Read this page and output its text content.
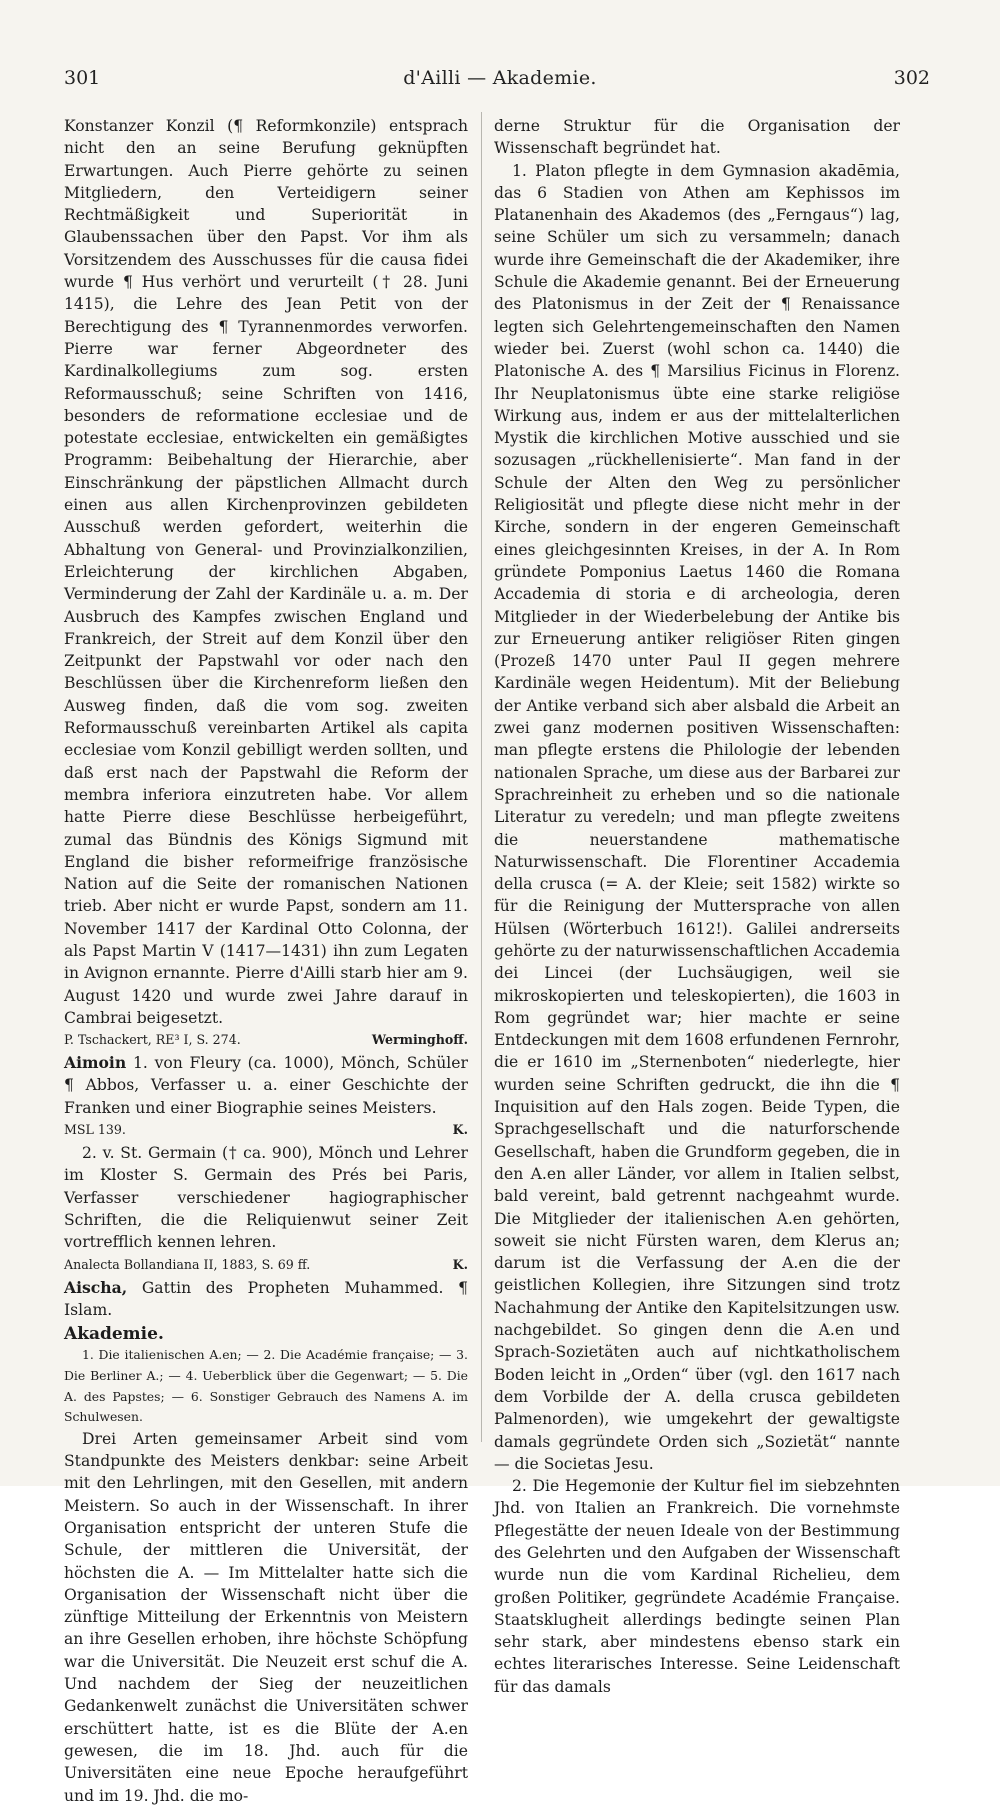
301	d'Ailli — Akademie.	302

Konstanzer Konzil (¶ Reformkonzile) entsprach nicht den an seine Berufung geknüpften Erwartungen. Auch Pierre gehörte zu seinen Mitgliedern, den Verteidigern seiner Rechtmäßigkeit und Superiorität in Glaubenssachen über den Papst. Vor ihm als Vorsitzendem des Ausschusses für die causa fidei wurde ¶ Hus verhört und verurteilt († 28. Juni 1415), die Lehre des Jean Petit von der Berechtigung des ¶ Tyrannenmordes verworfen. Pierre war ferner Abgeordneter des Kardinalkollegiums zum sog. ersten Reformausschuß; seine Schriften von 1416, besonders de reformatione ecclesiae und de potestate ecclesiae, entwickelten ein gemäßigtes Programm: Beibehaltung der Hierarchie, aber Einschränkung der päpstlichen Allmacht durch einen aus allen Kirchenprovinzen gebildeten Ausschuß werden gefordert, weiterhin die Abhaltung von General- und Provinzialkonzilien, Erleichterung der kirchlichen Abgaben, Verminderung der Zahl der Kardinäle u. a. m. Der Ausbruch des Kampfes zwischen England und Frankreich, der Streit auf dem Konzil über den Zeitpunkt der Papstwahl vor oder nach den Beschlüssen über die Kirchenreform ließen den Ausweg finden, daß die vom sog. zweiten Reformausschuß vereinbarten Artikel als capita ecclesiae vom Konzil gebilligt werden sollten, und daß erst nach der Papstwahl die Reform der membra inferiora einzutreten habe. Vor allem hatte Pierre diese Beschlüsse herbeigeführt, zumal das Bündnis des Königs Sigmund mit England die bisher reformeifrige französische Nation auf die Seite der romanischen Nationen trieb. Aber nicht er wurde Papst, sondern am 11. November 1417 der Kardinal Otto Colonna, der als Papst Martin V (1417—1431) ihn zum Legaten in Avignon ernannte. Pierre d'Ailli starb hier am 9. August 1420 und wurde zwei Jahre darauf in Cambrai beigesetzt.

P. Tschackert, RE³ I, S. 274.	Werminghoff.

Aimoin 1. von Fleury (ca. 1000), Mönch, Schüler ¶ Abbos, Verfasser u. a. einer Geschichte der Franken und einer Biographie seines Meisters.

MSL 139.	K.

2. v. St. Germain († ca. 900), Mönch und Lehrer im Kloster S. Germain des Prés bei Paris, Verfasser verschiedener hagiographischer Schriften, die die Reliquienwut seiner Zeit vortrefflich kennen lehren.

Analecta Bollandiana II, 1883, S. 69 ff.	K.

Aischa, Gattin des Propheten Muhammed. ¶ Islam.

Akademie.

1. Die italienischen A.en; — 2. Die Académie française; — 3. Die Berliner A.; — 4. Ueberblick über die Gegenwart; — 5. Die A. des Papstes; — 6. Sonstiger Gebrauch des Namens A. im Schulwesen.

Drei Arten gemeinsamer Arbeit sind vom Standpunkte des Meisters denkbar: seine Arbeit mit den Lehrlingen, mit den Gesellen, mit andern Meistern. So auch in der Wissenschaft. In ihrer Organisation entspricht der unteren Stufe die Schule, der mittleren die Universität, der höchsten die A. — Im Mittelalter hatte sich die Organisation der Wissenschaft nicht über die zünftige Mitteilung der Erkenntnis von Meistern an ihre Gesellen erhoben, ihre höchste Schöpfung war die Universität. Die Neuzeit erst schuf die A. Und nachdem der Sieg der neuzeitlichen Gedankenwelt zunächst die Universitäten schwer erschüttert hatte, ist es die Blüte der A.en gewesen, die im 18. Jhd. auch für die Universitäten eine neue Epoche heraufgeführt und im 19. Jhd. die mo-

derne Struktur für die Organisation der Wissenschaft begründet hat.

1. Platon pflegte in dem Gymnasion akadēmia, das 6 Stadien von Athen am Kephissos im Platanenhain des Akademos (des „Ferngaus“) lag, seine Schüler um sich zu versammeln; danach wurde ihre Gemeinschaft die der Akademiker, ihre Schule die Akademie genannt. Bei der Erneuerung des Platonismus in der Zeit der ¶ Renaissance legten sich Gelehrtengemeinschaften den Namen wieder bei. Zuerst (wohl schon ca. 1440) die Platonische A. des ¶ Marsilius Ficinus in Florenz. Ihr Neuplatonismus übte eine starke religiöse Wirkung aus, indem er aus der mittelalterlichen Mystik die kirchlichen Motive ausschied und sie sozusagen „rückhellenisierte“. Man fand in der Schule der Alten den Weg zu persönlicher Religiosität und pflegte diese nicht mehr in der Kirche, sondern in der engeren Gemeinschaft eines gleichgesinnten Kreises, in der A. In Rom gründete Pomponius Laetus 1460 die Romana Accademia di storia e di archeologia, deren Mitglieder in der Wiederbelebung der Antike bis zur Erneuerung antiker religiöser Riten gingen (Prozeß 1470 unter Paul II gegen mehrere Kardinäle wegen Heidentum). Mit der Beliebung der Antike verband sich aber alsbald die Arbeit an zwei ganz modernen positiven Wissenschaften: man pflegte erstens die Philologie der lebenden nationalen Sprache, um diese aus der Barbarei zur Sprachreinheit zu erheben und so die nationale Literatur zu veredeln; und man pflegte zweitens die neuerstandene mathematische Naturwissenschaft. Die Florentiner Accademia della crusca (= A. der Kleie; seit 1582) wirkte so für die Reinigung der Muttersprache von allen Hülsen (Wörterbuch 1612!). Galilei andrerseits gehörte zu der naturwissenschaftlichen Accademia dei Lincei (der Luchsäugigen, weil sie mikroskopierten und teleskopierten), die 1603 in Rom gegründet war; hier machte er seine Entdeckungen mit dem 1608 erfundenen Fernrohr, die er 1610 im „Sternenboten“ niederlegte, hier wurden seine Schriften gedruckt, die ihn die ¶ Inquisition auf den Hals zogen. Beide Typen, die Sprachgesellschaft und die naturforschende Gesellschaft, haben die Grundform gegeben, die in den A.en aller Länder, vor allem in Italien selbst, bald vereint, bald getrennt nachgeahmt wurde. Die Mitglieder der italienischen A.en gehörten, soweit sie nicht Fürsten waren, dem Klerus an; darum ist die Verfassung der A.en die der geistlichen Kollegien, ihre Sitzungen sind trotz Nachahmung der Antike den Kapitelsitzungen usw. nachgebildet. So gingen denn die A.en und Sprach-Sozietäten auch auf nichtkatholischem Boden leicht in „Orden“ über (vgl. den 1617 nach dem Vorbilde der A. della crusca gebildeten Palmenorden), wie umgekehrt der gewaltigste damals gegründete Orden sich „Sozietät“ nannte — die Societas Jesu.

2. Die Hegemonie der Kultur fiel im siebzehnten Jhd. von Italien an Frankreich. Die vornehmste Pflegestätte der neuen Ideale von der Bestimmung des Gelehrten und den Aufgaben der Wissenschaft wurde nun die vom Kardinal Richelieu, dem großen Politiker, gegründete Académie Française. Staatsklugheit allerdings bedingte seinen Plan sehr stark, aber mindestens ebenso stark ein echtes literarisches Interesse. Seine Leidenschaft für das damals
